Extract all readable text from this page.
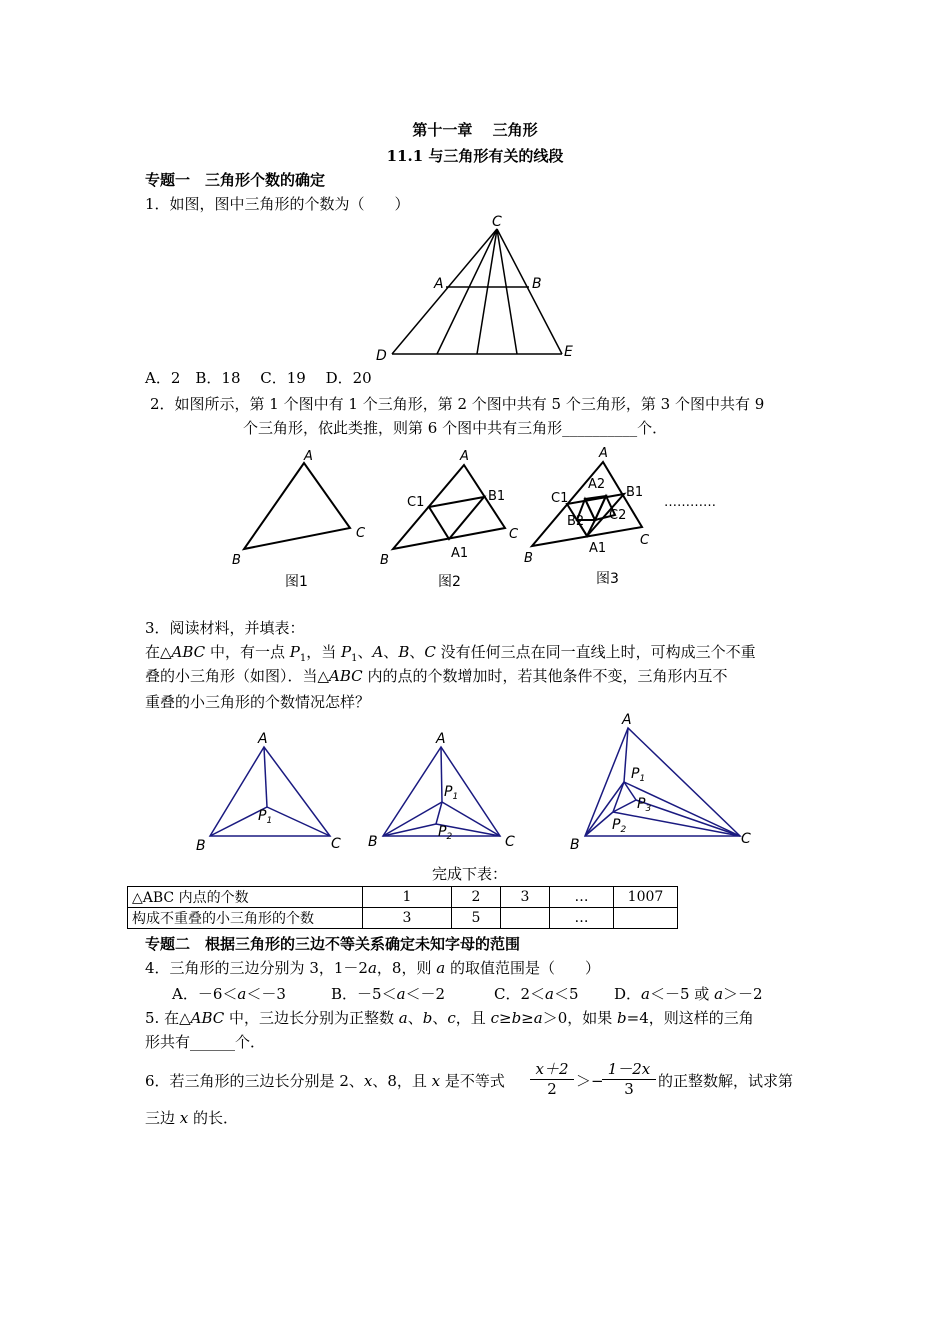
第十一章　 三角形
11.1 与三角形有关的线段
专题一　三角形个数的确定
1．如图，图中三角形的个数为（　　）
C
A	B
D	E
A．2　B．18　 C．19　 D．20
2．如图所示，第 1 个图中有 1 个三角形，第 2 个图中共有 5 个三角形，第 3 个图中共有 9
个三角形，依此类推，则第 6 个图中共有三角形__________个．
A
B
C
图1
A
B
C
C1	B1
A1
图2
A
B
C
C1	B1
A1
A2
B2 C2
图3
…………
3．阅读材料，并填表：
在△ABC 中，有一点 $P_1$，当 $P_1$、A、B、C 没有任何三点在同一直线上时，可构成三个不重
叠的小三角形（如图）．当△ABC 内的点的个数增加时，若其他条件不变，三角形内互不
重叠的小三角形的个数情况怎样？
A
B	C
$P_1$
A
B	C
$P_1$
$P_2$
A
B	C
$P_1$
$P_2$
$P_3$
完成下表：
△ABC 内点的个数	1	2	3	…	1007
构成不重叠的小三角形的个数	3	5		…	
专题二　根据三角形的三边不等关系确定未知字母的范围
4．三角形的三边分别为 3，1－2a，8，则 a 的取值范围是（　　）
A．－6＜a＜－3	B．－5＜a＜－2	C．2＜a＜5 D．a＜－5 或 a＞－2
5. 在△ABC 中，三边长分别为正整数 a、b、c，且 c≥b≥a＞0，如果 b=4，则这样的三角
形共有______个．
6．若三角形的三边长分别是 2、x、8，且 x 是不等式 $\frac{x+2}{2}$ ＞−
$\frac{1-2x}{3}$ 的正整数解，试求第
三边 x 的长．
